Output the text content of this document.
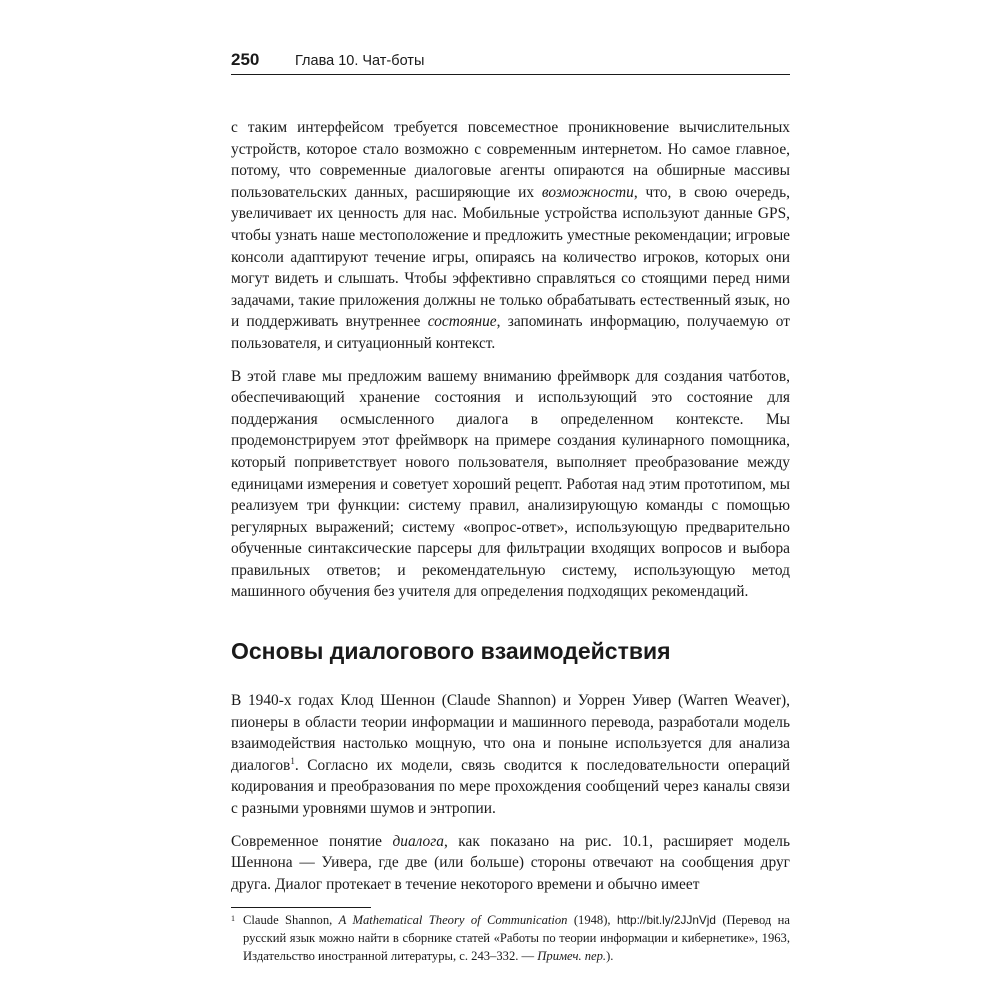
250	Глава 10. Чат-боты

с таким интерфейсом требуется повсеместное проникновение вычислительных устройств, которое стало возможно с современным интернетом. Но самое главное, потому, что современные диалоговые агенты опираются на обширные массивы пользовательских данных, расширяющие их возможности, что, в свою очередь, увеличивает их ценность для нас. Мобильные устройства используют данные GPS, чтобы узнать наше местоположение и предложить уместные рекомендации; игровые консоли адаптируют течение игры, опираясь на количество игроков, которых они могут видеть и слышать. Чтобы эффективно справляться со стоящими перед ними задачами, такие приложения должны не только обрабатывать естественный язык, но и поддерживать внутреннее состояние, запоминать информацию, получаемую от пользователя, и ситуационный контекст.

В этой главе мы предложим вашему вниманию фреймворк для создания чатботов, обеспечивающий хранение состояния и использующий это состояние для поддержания осмысленного диалога в определенном контексте. Мы продемонстрируем этот фреймворк на примере создания кулинарного помощника, который поприветствует нового пользователя, выполняет преобразование между единицами измерения и советует хороший рецепт. Работая над этим прототипом, мы реализуем три функции: систему правил, анализирующую команды с помощью регулярных выражений; систему «вопрос-ответ», использующую предварительно обученные синтаксические парсеры для фильтрации входящих вопросов и выбора правильных ответов; и рекомендательную систему, использующую метод машинного обучения без учителя для определения подходящих рекомендаций.

Основы диалогового взаимодействия

В 1940-х годах Клод Шеннон (Claude Shannon) и Уоррен Уивер (Warren Weaver), пионеры в области теории информации и машинного перевода, разработали модель взаимодействия настолько мощную, что она и поныне используется для анализа диалогов$^1$. Согласно их модели, связь сводится к последовательности операций кодирования и преобразования по мере прохождения сообщений через каналы связи с разными уровнями шумов и энтропии.

Современное понятие диалога, как показано на рис. 10.1, расширяет модель Шеннона — Уивера, где две (или больше) стороны отвечают на сообщения друг друга. Диалог протекает в течение некоторого времени и обычно имеет

1 Claude Shannon, A Mathematical Theory of Communication (1948), http://bit.ly/2JJnVjd (Перевод на русский язык можно найти в сборнике статей «Работы по теории информации и кибернетике», 1963, Издательство иностранной литературы, с. 243–332. — Примеч. пер.).
